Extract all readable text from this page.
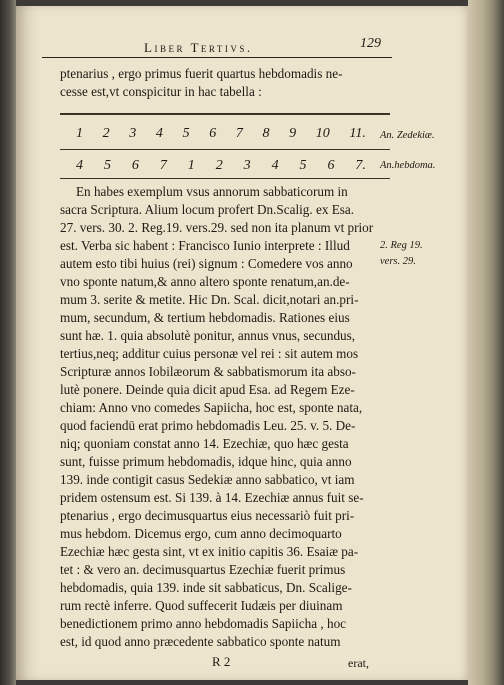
Liber Tertivs.	129
ptenarius , ergo primus fuerit quartus hebdomadis ne-
cesse est,vt conspicitur in hac tabella :
1 2 3 4 5 6 7 8 9 10 11. An. Zedekiæ.
4 5 6 7 1 2 3 4 5 6 7. An.hebdoma.
En habes exemplum vsus annorum sabbaticorum in
sacra Scriptura. Alium locum profert Dn.Scalig. ex Esa.
27. vers. 30. 2. Reg.19. vers.29. sed non ita planum vt prior
est. Verba sic habent : Francisco Iunio interprete : Illud
autem esto tibi huius (rei) signum : Comedere vos anno
vno sponte natum,& anno altero sponte renatum,an.de-
mum 3. serite & metite. Hic Dn. Scal. dicit,notari an.pri-
mum, secundum, & tertium hebdomadis. Rationes eius
sunt hæ. 1. quia absolutè ponitur, annus vnus, secundus,
tertius,neq; additur cuius personæ vel rei : sit autem mos
Scripturæ annos Iobilæorum & sabbatismorum ita abso-
lutè ponere. Deinde quia dicit apud Esa. ad Regem Eze-
chiam: Anno vno comedes Sapiicha, hoc est, sponte nata,
quod faciendū erat primo hebdomadis Leu. 25. v. 5. De-
niq; quoniam constat anno 14. Ezechiæ, quo hæc gesta
sunt, fuisse primum hebdomadis, idque hinc, quia anno
139. inde contigit casus Sedekiæ anno sabbatico, vt iam
pridem ostensum est. Si 139. à 14. Ezechiæ annus fuit se-
ptenarius , ergo decimusquartus eius necessariò fuit pri-
mus hebdom. Dicemus ergo, cum anno decimoquarto
Ezechiæ hæc gesta sint, vt ex initio capitis 36. Esaiæ pa-
tet : & vero an. decimusquartus Ezechiæ fuerit primus
hebdomadis, quia 139. inde sit sabbaticus, Dn. Scalige-
rum rectè inferre. Quod suffecerit Iudæis per diuinam
benedictionem primo anno hebdomadis Sapiicha , hoc
est, id quod anno præcedente sabbatico sponte natum
2. Reg 19.
vers. 29.
R 2	erat,
